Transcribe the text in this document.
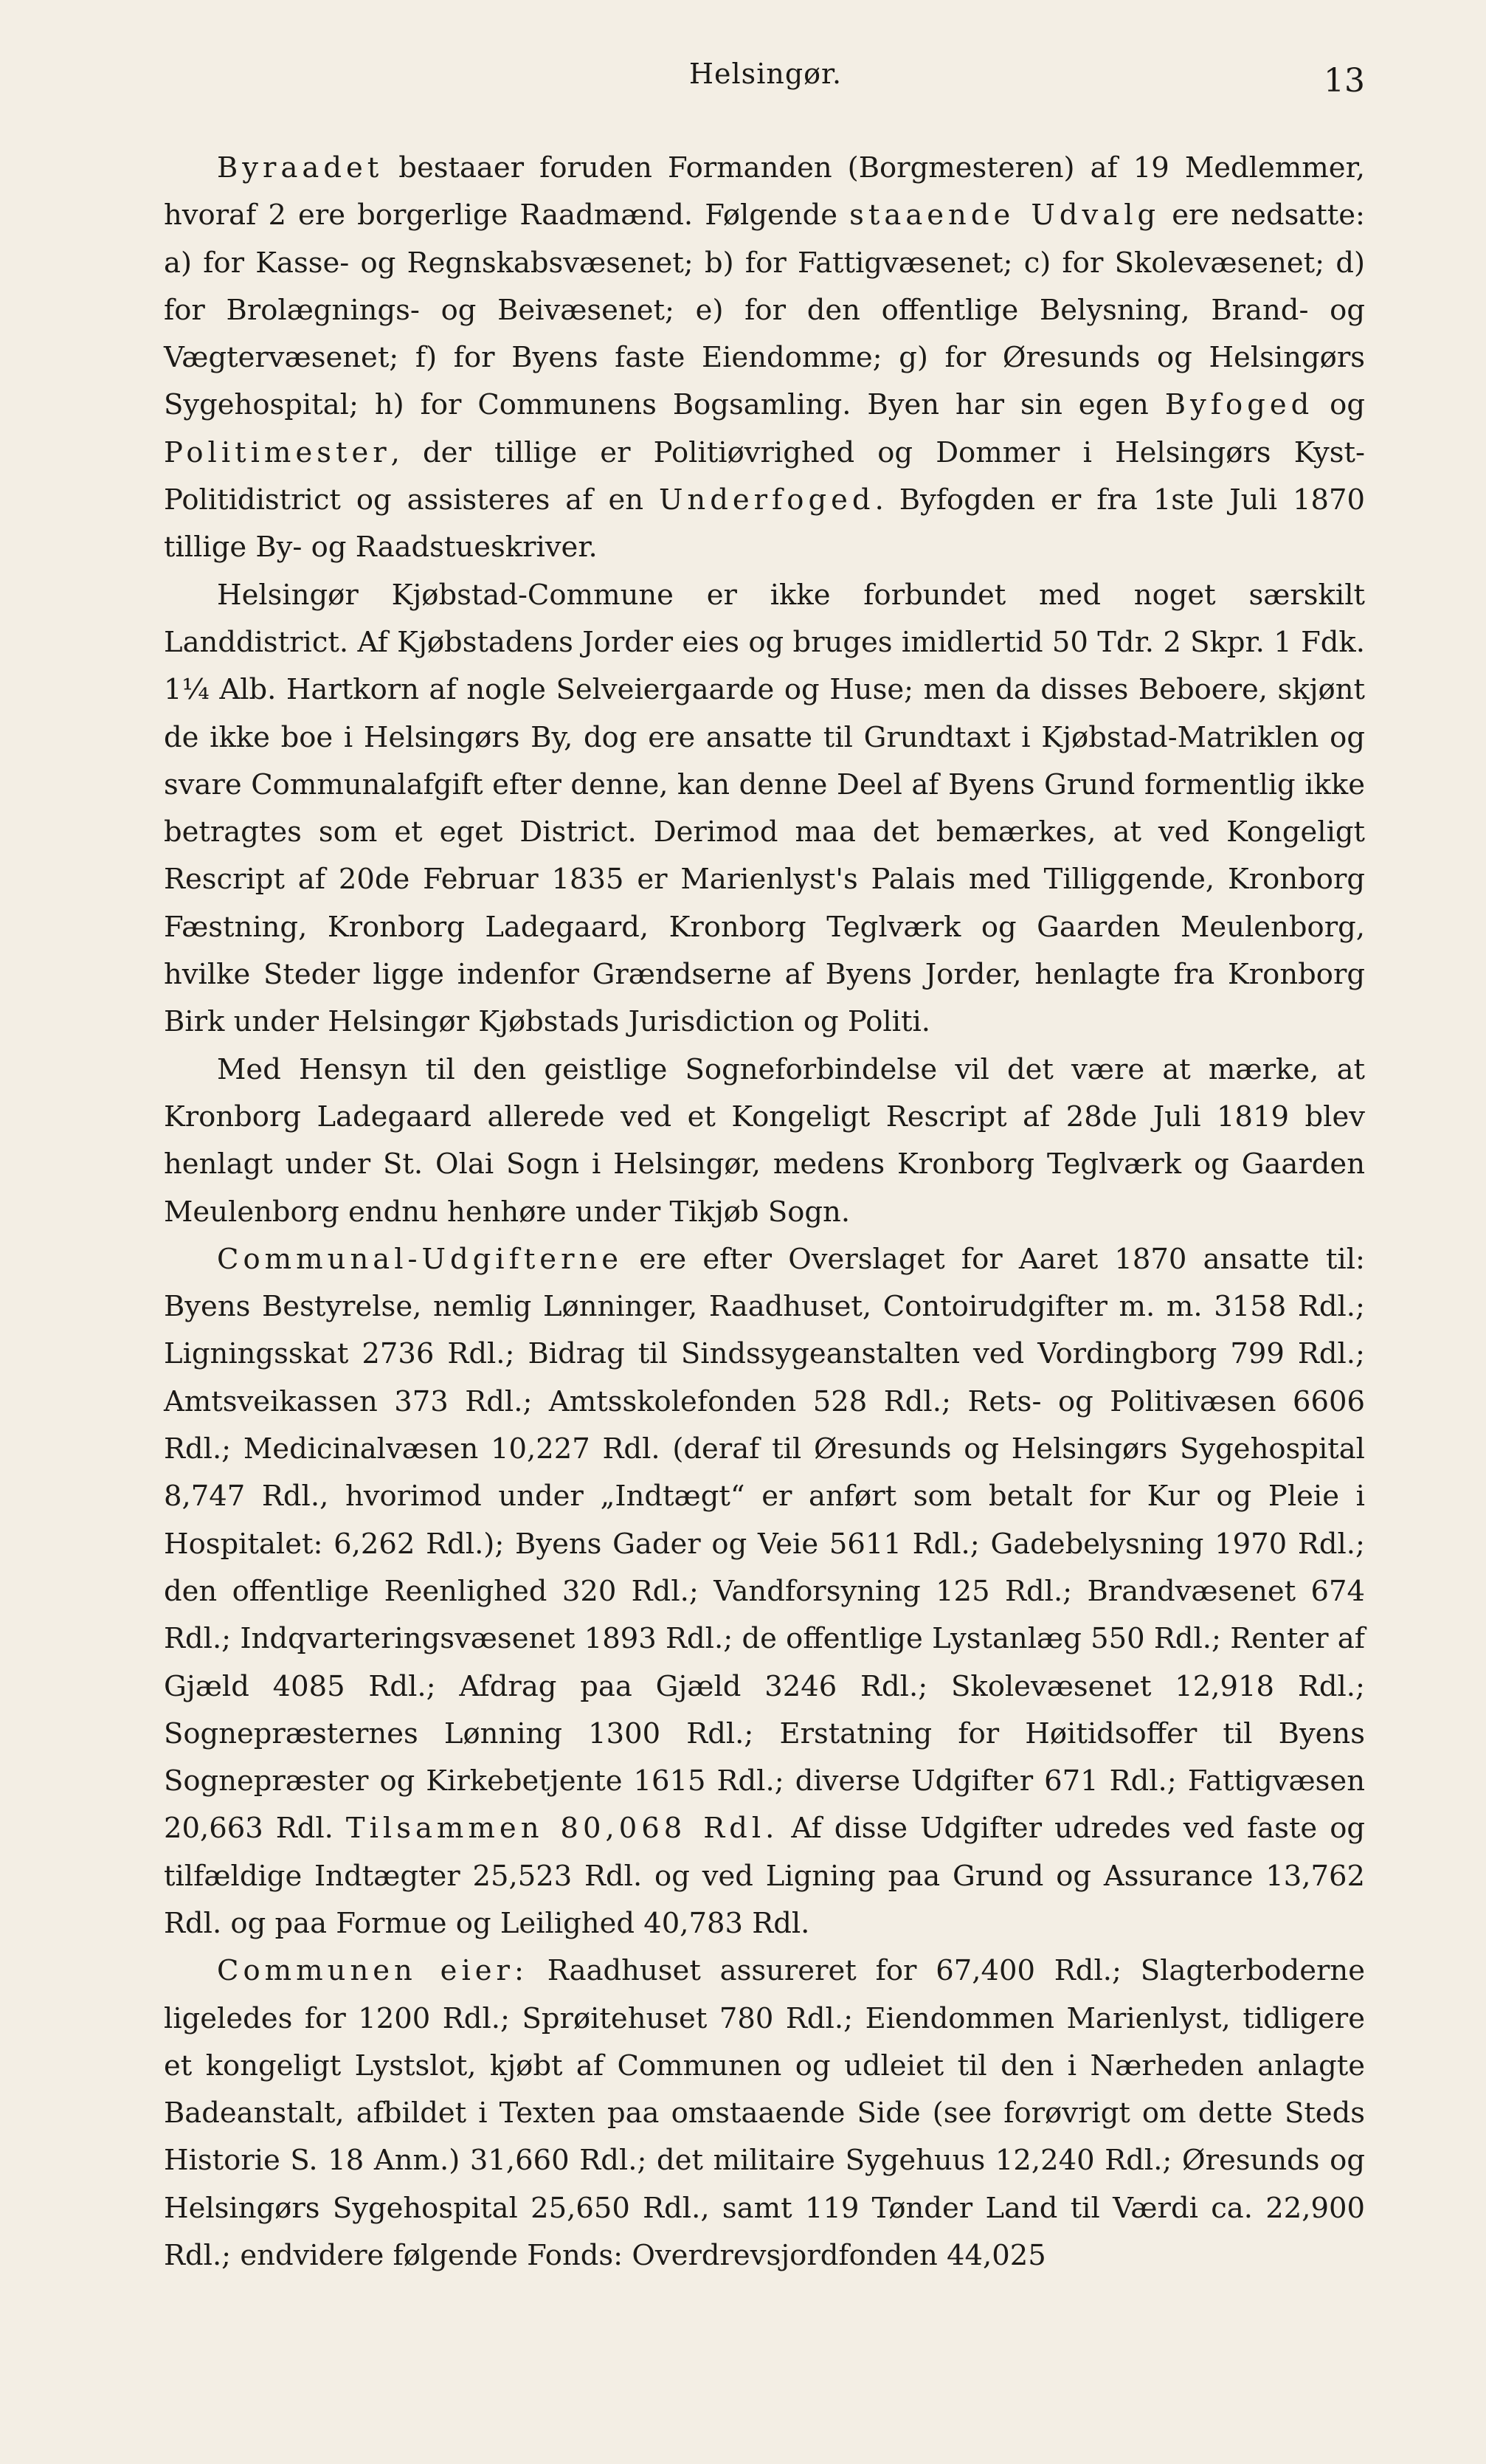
Helsingør.	13

Byraadet bestaaer foruden Formanden (Borgmesteren) af 19 Medlemmer, hvoraf 2 ere borgerlige Raadmænd. Følgende staaende Udvalg ere nedsatte: a) for Kasse- og Regnskabsvæsenet; b) for Fattigvæsenet; c) for Skolevæsenet; d) for Brolægnings- og Beivæsenet; e) for den offentlige Belysning, Brand- og Vægtervæsenet; f) for Byens faste Eiendomme; g) for Øresunds og Helsingørs Sygehospital; h) for Communens Bogsamling. Byen har sin egen Byfoged og Politimester, der tillige er Politiøvrighed og Dommer i Helsingørs Kyst-Politidistrict og assisteres af en Underfoged. Byfogden er fra 1ste Juli 1870 tillige By- og Raadstueskriver.

Helsingør Kjøbstad-Commune er ikke forbundet med noget særskilt Landdistrict. Af Kjøbstadens Jorder eies og bruges imidlertid 50 Tdr. 2 Skpr. 1 Fdk. 1¼ Alb. Hartkorn af nogle Selveiergaarde og Huse; men da disses Beboere, skjønt de ikke boe i Helsingørs By, dog ere ansatte til Grundtaxt i Kjøbstad-Matriklen og svare Communalafgift efter denne, kan denne Deel af Byens Grund formentlig ikke betragtes som et eget District. Derimod maa det bemærkes, at ved Kongeligt Rescript af 20de Februar 1835 er Marienlyst's Palais med Tilliggende, Kronborg Fæstning, Kronborg Ladegaard, Kronborg Teglværk og Gaarden Meulenborg, hvilke Steder ligge indenfor Grændserne af Byens Jorder, henlagte fra Kronborg Birk under Helsingør Kjøbstads Jurisdiction og Politi.

Med Hensyn til den geistlige Sogneforbindelse vil det være at mærke, at Kronborg Ladegaard allerede ved et Kongeligt Rescript af 28de Juli 1819 blev henlagt under St. Olai Sogn i Helsingør, medens Kronborg Teglværk og Gaarden Meulenborg endnu henhøre under Tikjøb Sogn.

Communal-Udgifterne ere efter Overslaget for Aaret 1870 ansatte til: Byens Bestyrelse, nemlig Lønninger, Raadhuset, Contoirudgifter m. m. 3158 Rdl.; Ligningsskat 2736 Rdl.; Bidrag til Sindssygeanstalten ved Vordingborg 799 Rdl.; Amtsveikassen 373 Rdl.; Amtsskolefonden 528 Rdl.; Rets- og Politivæsen 6606 Rdl.; Medicinalvæsen 10,227 Rdl. (deraf til Øresunds og Helsingørs Sygehospital 8,747 Rdl., hvorimod under „Indtægt“ er anført som betalt for Kur og Pleie i Hospitalet: 6,262 Rdl.); Byens Gader og Veie 5611 Rdl.; Gadebelysning 1970 Rdl.; den offentlige Reenlighed 320 Rdl.; Vandforsyning 125 Rdl.; Brandvæsenet 674 Rdl.; Indqvarteringsvæsenet 1893 Rdl.; de offentlige Lystanlæg 550 Rdl.; Renter af Gjæld 4085 Rdl.; Afdrag paa Gjæld 3246 Rdl.; Skolevæsenet 12,918 Rdl.; Sognepræsternes Lønning 1300 Rdl.; Erstatning for Høitidsoffer til Byens Sognepræster og Kirkebetjente 1615 Rdl.; diverse Udgifter 671 Rdl.; Fattigvæsen 20,663 Rdl. Tilsammen 80,068 Rdl. Af disse Udgifter udredes ved faste og tilfældige Indtægter 25,523 Rdl. og ved Ligning paa Grund og Assurance 13,762 Rdl. og paa Formue og Leilighed 40,783 Rdl.

Communen eier: Raadhuset assureret for 67,400 Rdl.; Slagterboderne ligeledes for 1200 Rdl.; Sprøitehuset 780 Rdl.; Eiendommen Marienlyst, tidligere et kongeligt Lystslot, kjøbt af Communen og udleiet til den i Nærheden anlagte Badeanstalt, afbildet i Texten paa omstaaende Side (see forøvrigt om dette Steds Historie S. 18 Anm.) 31,660 Rdl.; det militaire Sygehuus 12,240 Rdl.; Øresunds og Helsingørs Sygehospital 25,650 Rdl., samt 119 Tønder Land til Værdi ca. 22,900 Rdl.; endvidere følgende Fonds: Overdrevsjordfonden 44,025
